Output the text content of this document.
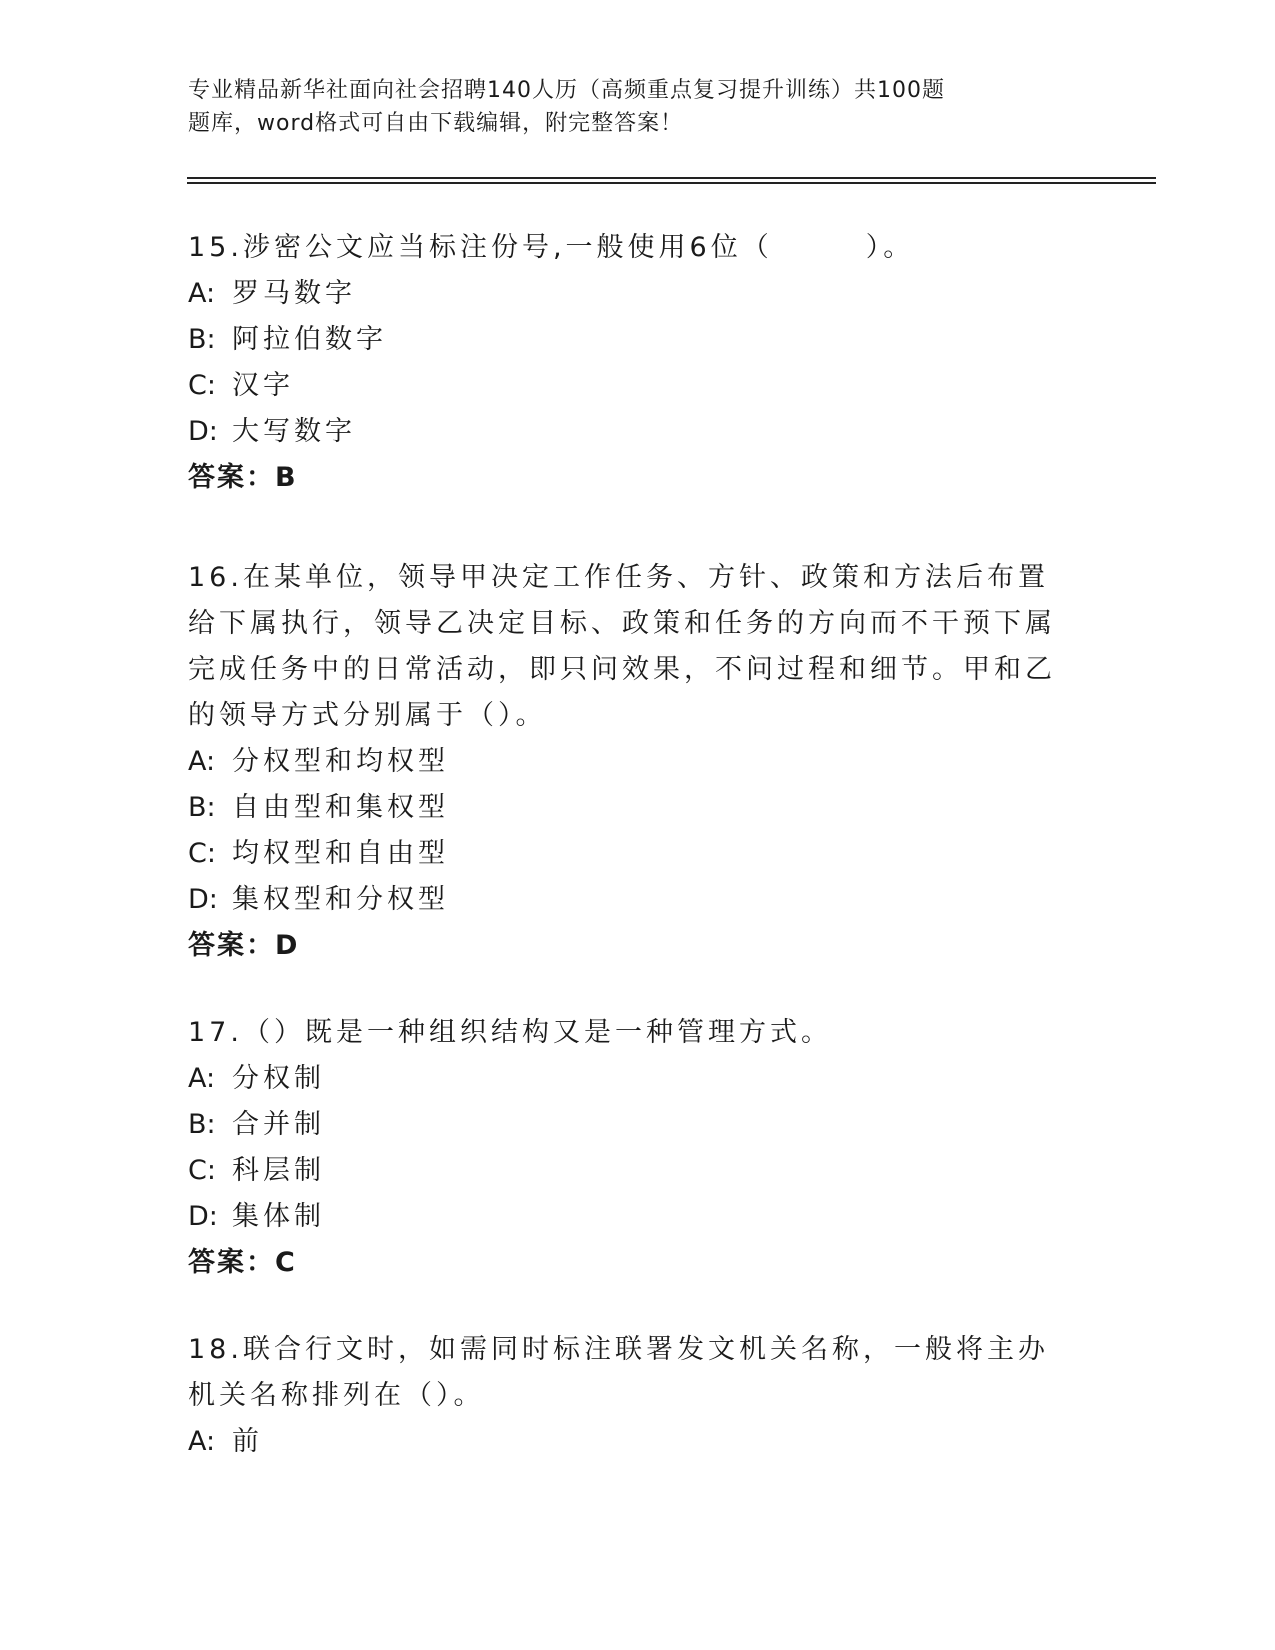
专业精品新华社面向社会招聘140人历（高频重点复习提升训练）共100题
题库，word格式可自由下载编辑，附完整答案！

15.涉密公文应当标注份号,一般使用6位（　　　）。

A: 罗马数字

B: 阿拉伯数字

C: 汉字

D: 大写数字

答案：B

16.在某单位，领导甲决定工作任务、方针、政策和方法后布置给下属执行，领导乙决定目标、政策和任务的方向而不干预下属完成任务中的日常活动，即只问效果，不问过程和细节。甲和乙的领导方式分别属于（）。

A: 分权型和均权型

B: 自由型和集权型

C: 均权型和自由型

D: 集权型和分权型

答案：D

17.（）既是一种组织结构又是一种管理方式。

A: 分权制

B: 合并制

C: 科层制

D: 集体制

答案：C

18.联合行文时，如需同时标注联署发文机关名称，一般将主办机关名称排列在（）。

A: 前
